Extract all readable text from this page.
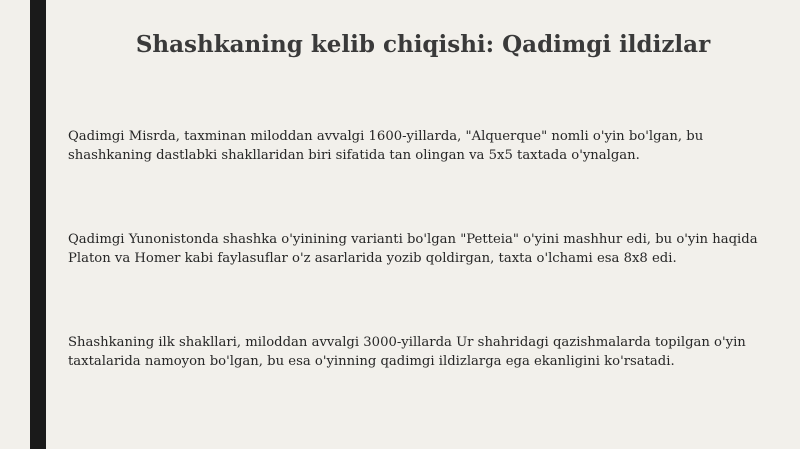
Shashkaning kelib chiqishi: Qadimgi ildizlar
Qadimgi Misrda, taxminan miloddan avvalgi 1600-yillarda, "Alquerque" nomli o'yin bo'lgan, bu shashkaning dastlabki shakllaridan biri sifatida tan olingan va 5x5 taxtada o'ynalgan.
Qadimgi Yunonistonda shashka o'yinining varianti bo'lgan "Petteia" o'yini mashhur edi, bu o'yin haqida Platon va Homer kabi faylasuflar o'z asarlarida yozib qoldirgan, taxta o'lchami esa 8x8 edi.
Shashkaning ilk shakllari, miloddan avvalgi 3000-yillarda Ur shahridagi qazishmalarda topilgan o'yin taxtalarida namoyon bo'lgan, bu esa o'yinning qadimgi ildizlarga ega ekanligini ko'rsatadi.
